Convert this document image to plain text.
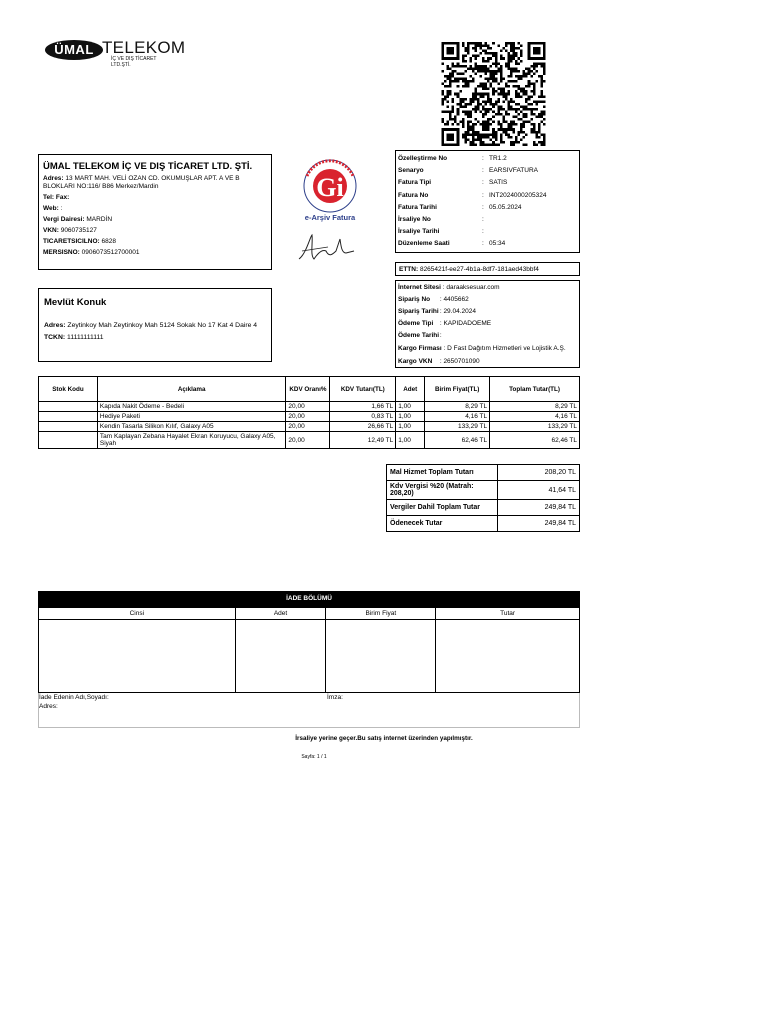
ÜMAL TELEKOM
İÇ VE DIŞ TİCARET LTD.ŞTİ.
ÜMAL TELEKOM İÇ VE DIŞ TİCARET LTD. ŞTİ.
Adres: 13 MART MAH. VELİ OZAN CD. OKUMUŞLAR APT. A VE B BLOKLARI NO:116/ B86 Merkez/Mardin
Tel: Fax:
Web: :
Vergi Dairesi: MARDİN
VKN: 9060735127
TICARETSICILNO: 6828
MERSISNO: 0906073512700001
Gi
e-Arşiv Fatura
Özelleştirme No	: TR1.2
Senaryo	: EARSIVFATURA
Fatura Tipi	: SATIS
Fatura No	: INT2024000205324
Fatura Tarihi	: 05.05.2024
İrsaliye No	:
İrsaliye Tarihi	:
Düzenleme Saati	: 05:34
ETTN: 8265421f-ee27-4b1a-8df7-181aed43bbf4
Mevlüt Konuk
Adres: Zeytinkoy Mah Zeytinkoy Mah 5124 Sokak No 17 Kat 4 Daire 4
TCKN: 11111111111
İnternet Sitesi : daraaksesuar.com
Sipariş No : 4405662
Sipariş Tarihi : 29.04.2024
Ödeme Tipi : KAPIDADOEME
Ödeme Tarihi :
Kargo Firması : D Fast Dağıtım Hizmetleri ve Lojistik A.Ş.
Kargo VKN : 2650701090
Stok Kodu	Açıklama	KDV Oranı%	KDV Tutarı(TL)	Adet	Birim Fiyat(TL)	Toplam Tutar(TL)
	Kapıda Nakit Ödeme - Bedeli	20,00	1,66 TL	1,00	8,29 TL	8,29 TL
	Hediye Paketi	20,00	0,83 TL	1,00	4,16 TL	4,16 TL
	Kendin Tasarla Silikon Kılıf, Galaxy A05	20,00	26,66 TL	1,00	133,29 TL	133,29 TL
	Tam Kaplayan Zebana Hayalet Ekran Koruyucu, Galaxy A05, Siyah	20,00	12,49 TL	1,00	62,46 TL	62,46 TL
Mal Hizmet Toplam Tutarı	208,20 TL
Kdv Vergisi %20 (Matrah: 208,20)	41,64 TL
Vergiler Dahil Toplam Tutar	249,84 TL
Ödenecek Tutar	249,84 TL
İADE BÖLÜMÜ
Cinsi	Adet	Birim Fiyat	Tutar

İade Edenin Adı,Soyadı:	İmza:
Adres:
İrsaliye yerine geçer.Bu satış internet üzerinden yapılmıştır.
Sayfa: 1 / 1
